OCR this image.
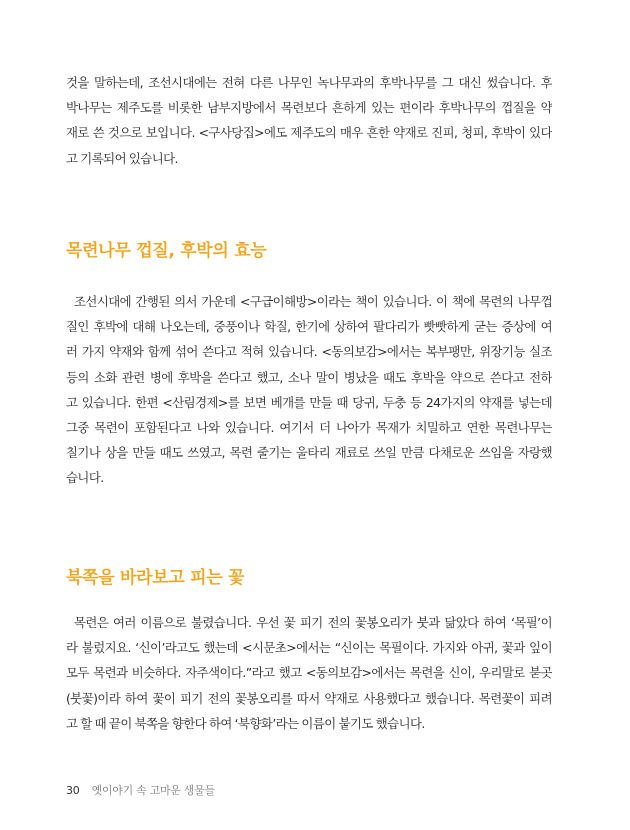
것을 말하는데, 조선시대에는 전혀 다른 나무인 녹나무과의 후박나무를 그 대신 썼습니다. 후
박나무는 제주도를 비롯한 남부지방에서 목련보다 흔하게 있는 편이라 후박나무의 껍질을 약
재로 쓴 것으로 보입니다. <구사당집>에도 제주도의 매우 흔한 약재로 진피, 청피, 후박이 있다
고 기록되어 있습니다.

목련나무 껍질, 후박의 효능

조선시대에 간행된 의서 가운데 <구급이해방>이라는 책이 있습니다. 이 책에 목련의 나무껍
질인 후박에 대해 나오는데, 중풍이나 학질, 한기에 상하여 팔다리가 빳빳하게 굳는 증상에 여
러 가지 약재와 함께 섞어 쓴다고 적혀 있습니다. <동의보감>에서는 복부팽만, 위장기능 실조
등의 소화 관련 병에 후박을 쓴다고 했고, 소나 말이 병났을 때도 후박을 약으로 쓴다고 전하
고 있습니다. 한편 <산림경제>를 보면 베개를 만들 때 당귀, 두충 등 24가지의 약재를 넣는데
그중 목련이 포함된다고 나와 있습니다. 여기서 더 나아가 목재가 치밀하고 연한 목련나무는
칠기나 상을 만들 때도 쓰였고, 목련 줄기는 울타리 재료로 쓰일 만큼 다채로운 쓰임을 자랑했
습니다.

북쪽을 바라보고 피는 꽃

목련은 여러 이름으로 불렸습니다. 우선 꽃 피기 전의 꽃봉오리가 붓과 닮았다 하여 ‘목필’이
라 불렀지요. ‘신이’라고도 했는데 <시문초>에서는 “신이는 목필이다. 가지와 아귀, 꽃과 잎이
모두 목련과 비슷하다. 자주색이다.”라고 했고 <동의보감>에서는 목련을 신이, 우리말로 붇곳
(붓꽃)이라 하여 꽃이 피기 전의 꽃봉오리를 따서 약재로 사용했다고 했습니다. 목련꽃이 피려
고 할 때 끝이 북쪽을 향한다 하여 ‘북향화’라는 이름이 붙기도 했습니다.

30 옛이야기 속 고마운 생물들
